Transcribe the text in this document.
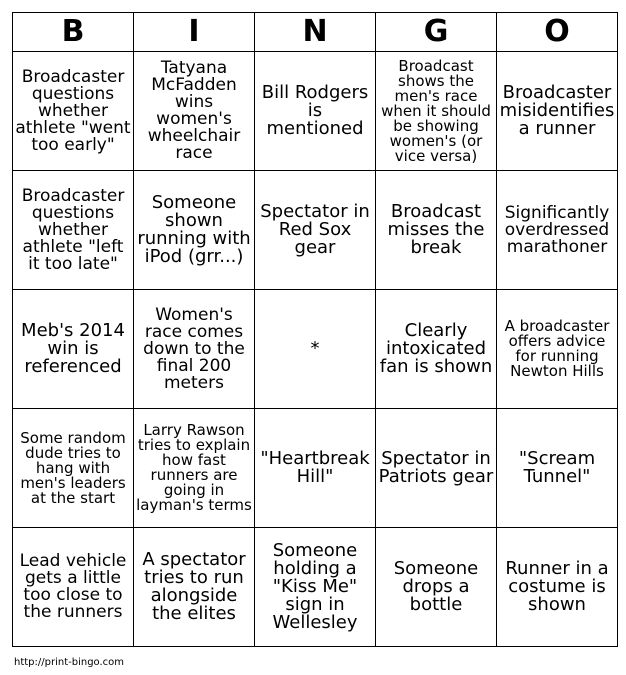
B	I	N	G	O
Broadcaster questions whether athlete "went too early"	Tatyana McFadden wins women's wheelchair race	Bill Rodgers is mentioned	Broadcast shows the men's race when it should be showing women's (or vice versa)	Broadcaster misidentifies a runner
Broadcaster questions whether athlete "left it too late"	Someone shown running with iPod (grr...)	Spectator in Red Sox gear	Broadcast misses the break	Significantly overdressed marathoner
Meb's 2014 win is referenced	Women's race comes down to the final 200 meters	*	Clearly intoxicated fan is shown	A broadcaster offers advice for running Newton Hills
Some random dude tries to hang with men's leaders at the start	Larry Rawson tries to explain how fast runners are going in layman's terms	"Heartbreak Hill"	Spectator in Patriots gear	"Scream Tunnel"
Lead vehicle gets a little too close to the runners	A spectator tries to run alongside the elites	Someone holding a "Kiss Me" sign in Wellesley	Someone drops a bottle	Runner in a costume is shown
http://print-bingo.com
